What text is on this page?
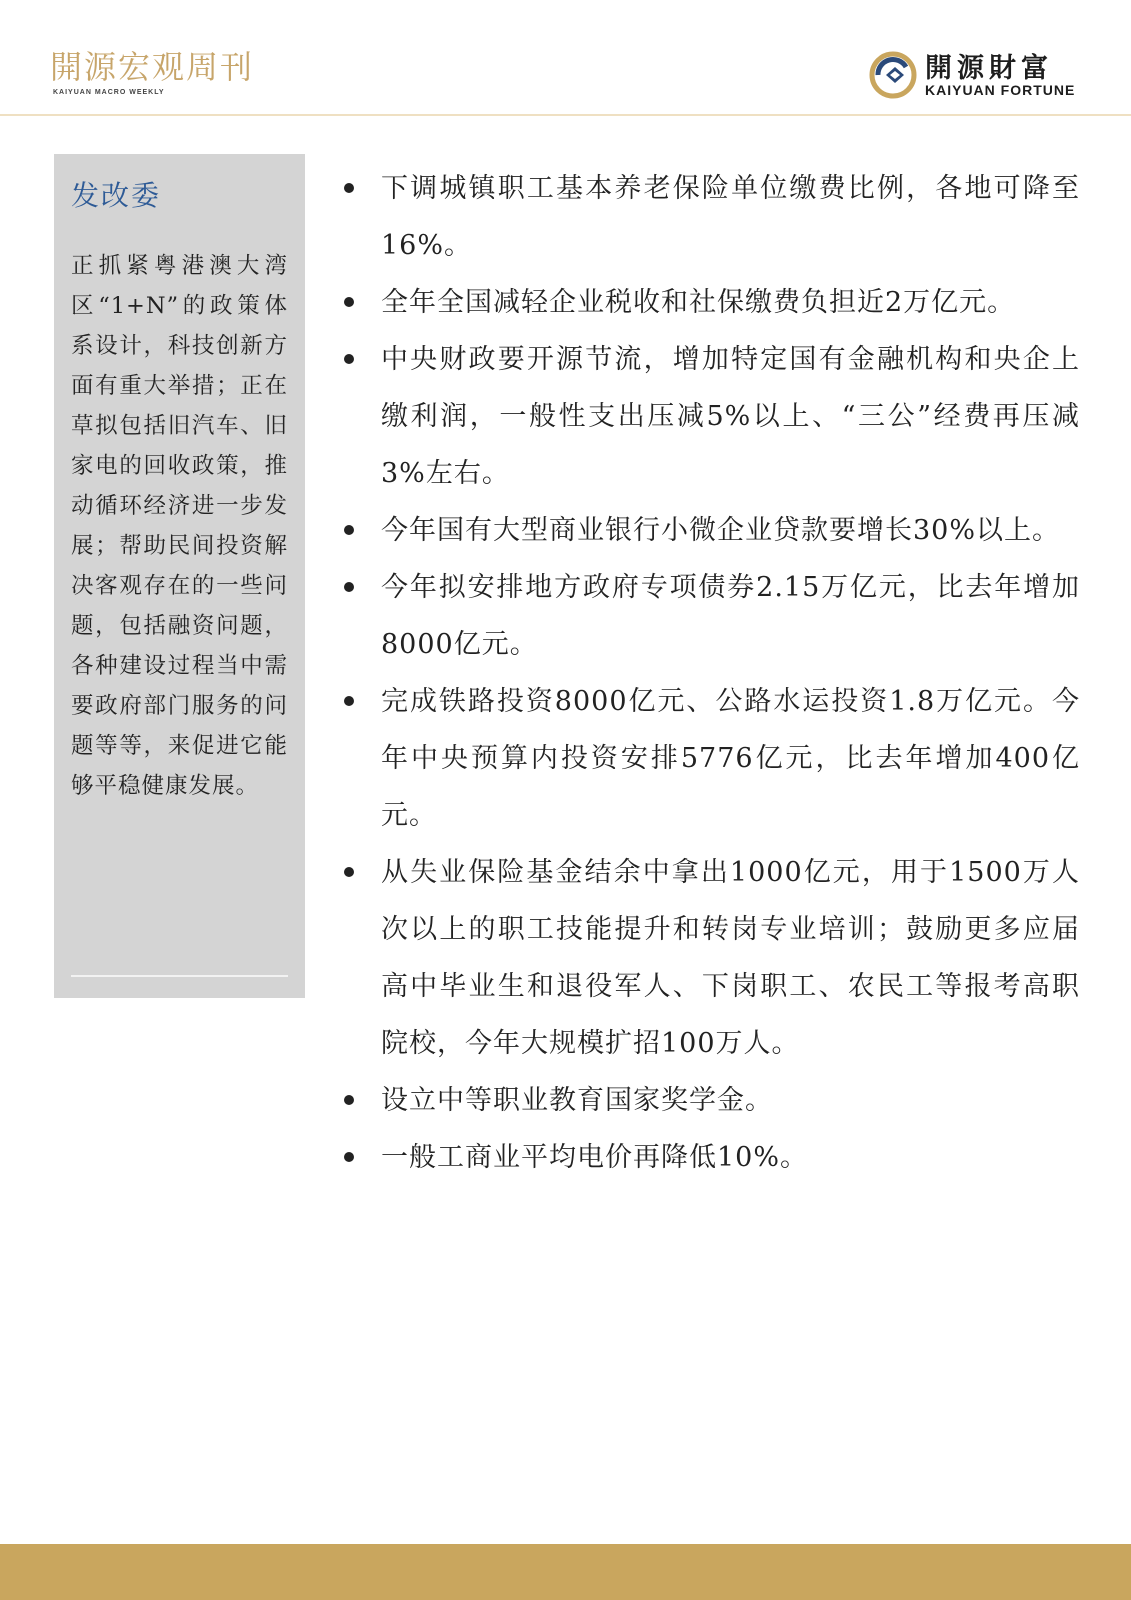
開源宏观周刊
KAIYUAN MACRO WEEKLY
開源財富
KAIYUAN FORTUNE
发改委

正抓紧粤港澳大湾区“1+N”的政策体系设计，科技创新方面有重大举措；正在草拟包括旧汽车、旧家电的回收政策，推动循环经济进一步发展；帮助民间投资解决客观存在的一些问题，包括融资问题，各种建设过程当中需要政府部门服务的问题等等，来促进它能够平稳健康发展。

下调城镇职工基本养老保险单位缴费比例，各地可降至16%。
全年全国减轻企业税收和社保缴费负担近2万亿元。
中央财政要开源节流，增加特定国有金融机构和央企上缴利润，一般性支出压减5%以上、“三公”经费再压减3%左右。
今年国有大型商业银行小微企业贷款要增长30%以上。
今年拟安排地方政府专项债券2.15万亿元，比去年增加8000亿元。
完成铁路投资8000亿元、公路水运投资1.8万亿元。今年中央预算内投资安排5776亿元，比去年增加400亿元。
从失业保险基金结余中拿出1000亿元，用于1500万人次以上的职工技能提升和转岗专业培训；鼓励更多应届高中毕业生和退役军人、下岗职工、农民工等报考高职院校，今年大规模扩招100万人。
设立中等职业教育国家奖学金。
一般工商业平均电价再降低10%。
